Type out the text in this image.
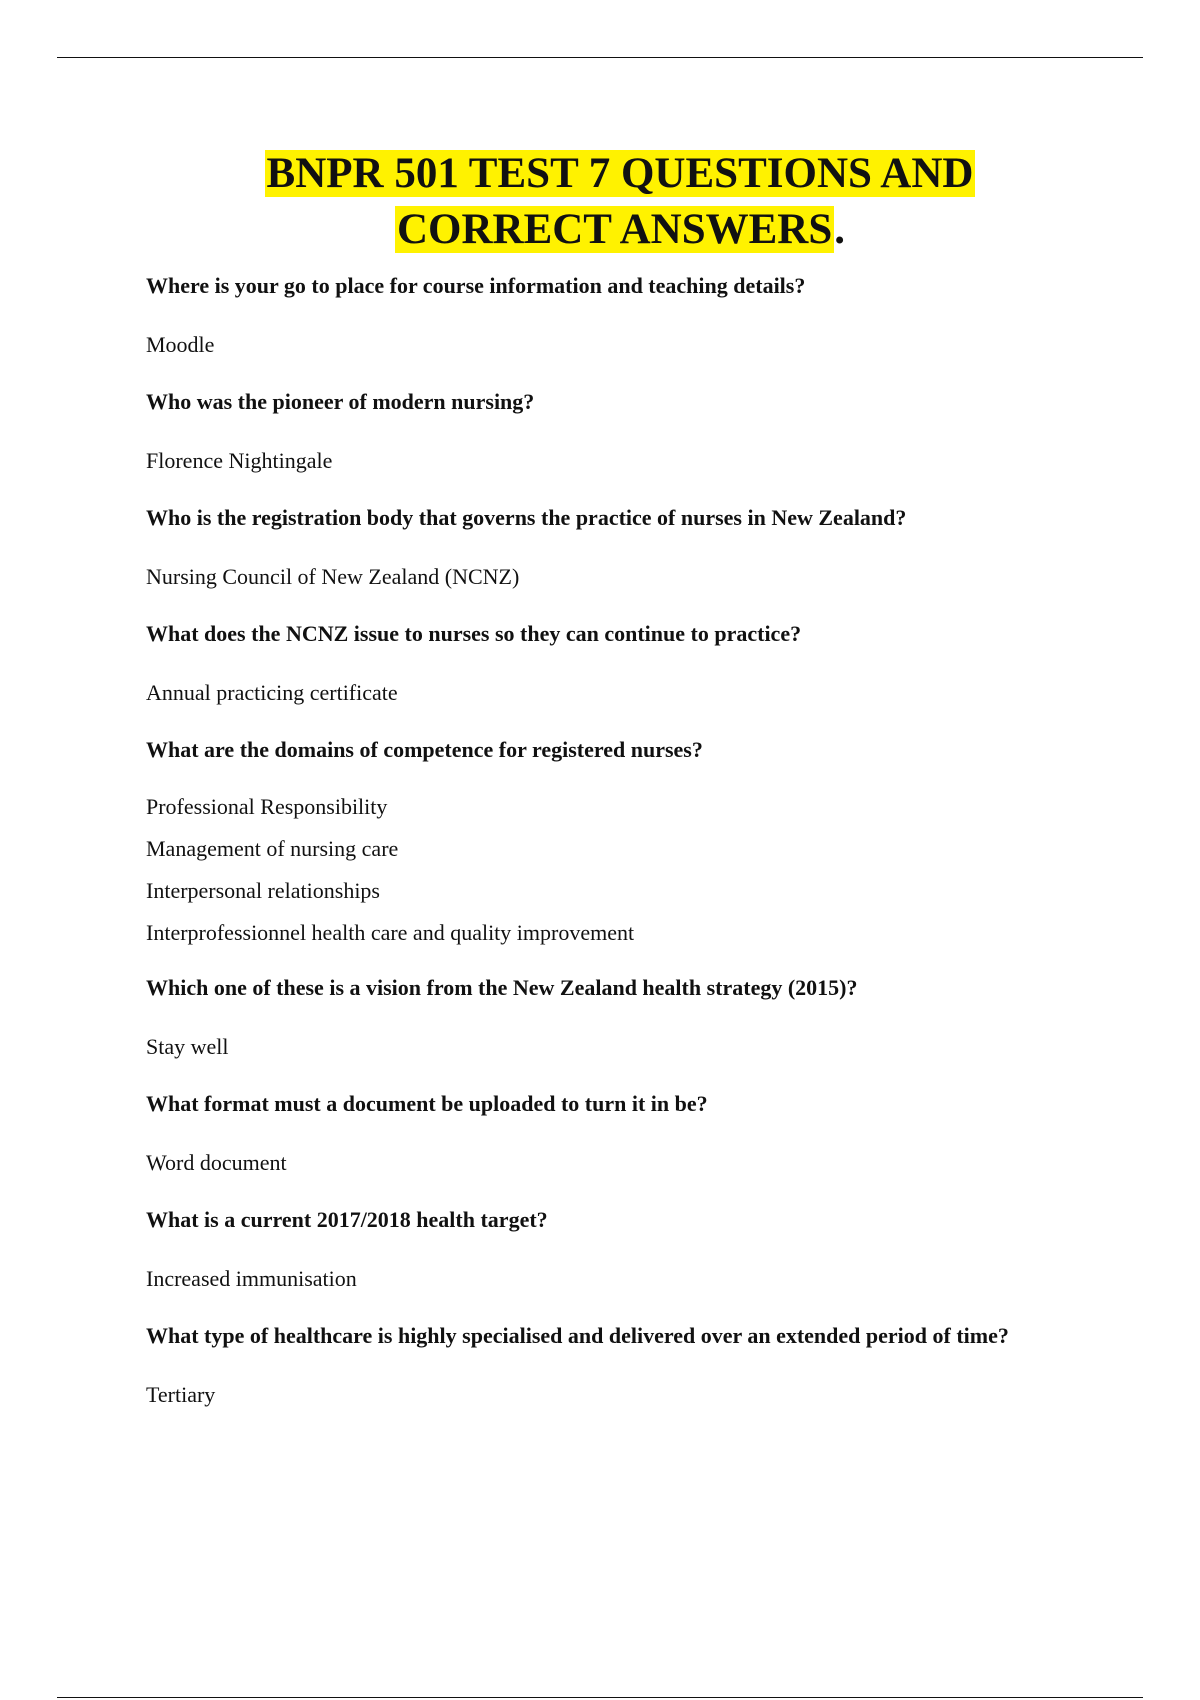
BNPR 501 TEST 7 QUESTIONS AND
CORRECT ANSWERS.

Where is your go to place for course information and teaching details?

Moodle

Who was the pioneer of modern nursing?

Florence Nightingale

Who is the registration body that governs the practice of nurses in New Zealand?

Nursing Council of New Zealand (NCNZ)

What does the NCNZ issue to nurses so they can continue to practice?

Annual practicing certificate

What are the domains of competence for registered nurses?

Professional Responsibility
Management of nursing care
Interpersonal relationships
Interprofessionnel health care and quality improvement

Which one of these is a vision from the New Zealand health strategy (2015)?

Stay well

What format must a document be uploaded to turn it in be?

Word document

What is a current 2017/2018 health target?

Increased immunisation

What type of healthcare is highly specialised and delivered over an extended period of time?

Tertiary
